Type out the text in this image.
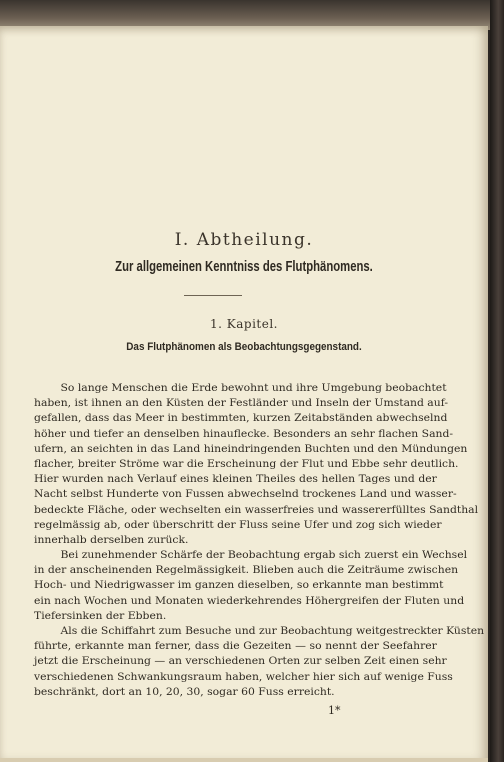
I. Abtheilung.
Zur allgemeinen Kenntniss des Flutphänomens.
1. Kapitel.
Das Flutphänomen als Beobachtungsgegenstand.
So lange Menschen die Erde bewohnt und ihre Umgebung beobachtet
haben, ist ihnen an den Küsten der Festländer und Inseln der Umstand auf-
gefallen, dass das Meer in bestimmten, kurzen Zeitabständen abwechselnd
höher und tiefer an denselben hinauflecke. Besonders an sehr flachen Sand-
ufern, an seichten in das Land hineindringenden Buchten und den Mündungen
flacher, breiter Ströme war die Erscheinung der Flut und Ebbe sehr deutlich.
Hier wurden nach Verlauf eines kleinen Theiles des hellen Tages und der
Nacht selbst Hunderte von Fussen abwechselnd trockenes Land und wasser-
bedeckte Fläche, oder wechselten ein wasserfreies und wassererfülltes Sandthal
regelmässig ab, oder überschritt der Fluss seine Ufer und zog sich wieder
innerhalb derselben zurück.
Bei zunehmender Schärfe der Beobachtung ergab sich zuerst ein Wechsel
in der anscheinenden Regelmässigkeit. Blieben auch die Zeiträume zwischen
Hoch- und Niedrigwasser im ganzen dieselben, so erkannte man bestimmt
ein nach Wochen und Monaten wiederkehrendes Höhergreifen der Fluten und
Tiefersinken der Ebben.
Als die Schiffahrt zum Besuche und zur Beobachtung weitgestreckter Küsten
führte, erkannte man ferner, dass die Gezeiten — so nennt der Seefahrer
jetzt die Erscheinung — an verschiedenen Orten zur selben Zeit einen sehr
verschiedenen Schwankungsraum haben, welcher hier sich auf wenige Fuss
beschränkt, dort an 10, 20, 30, sogar 60 Fuss erreicht.
1*
